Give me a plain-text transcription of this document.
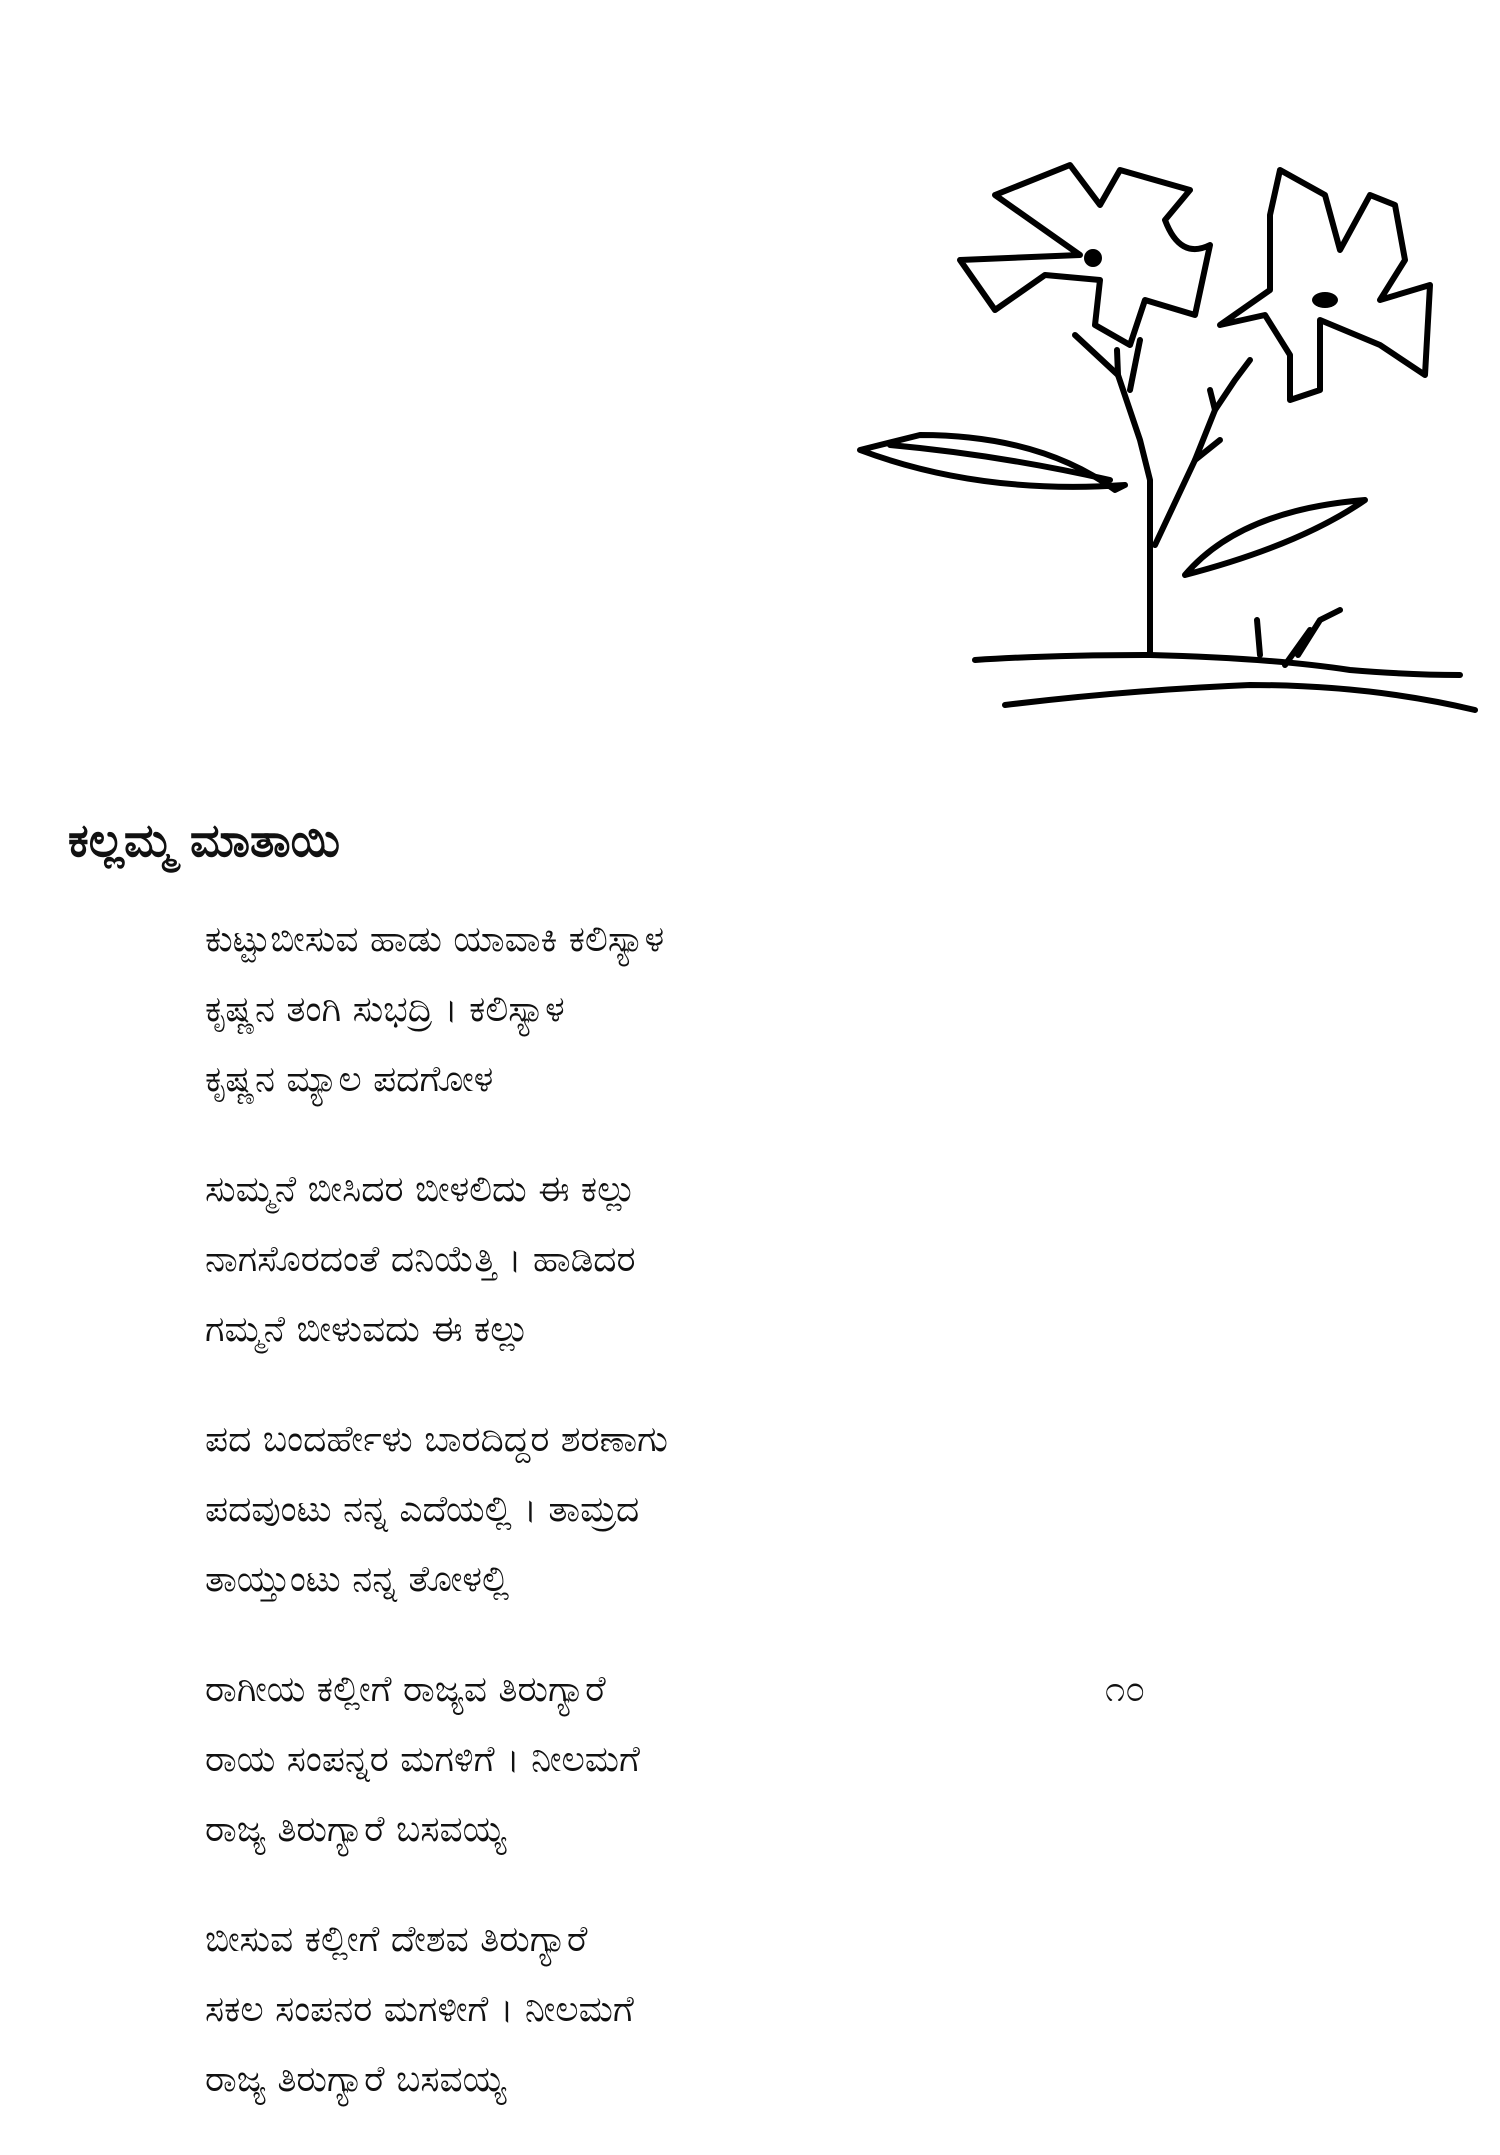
ಕಲ್ಲಮ್ಮ ಮಾತಾಯಿ
ಕುಟ್ಟುಬೀಸುವ ಹಾಡು ಯಾವಾಕಿ ಕಲಿಸ್ಯಾಳ
ಕೃಷ್ಣನ ತಂಗಿ ಸುಭದ್ರಿ । ಕಲಿಸ್ಯಾಳ
ಕೃಷ್ಣನ ಮ್ಯಾಲ ಪದಗೋಳ
ಸುಮ್ಮನೆ ಬೀಸಿದರ ಬೀಳಲಿದು ಈ ಕಲ್ಲು
ನಾಗಸೊರದಂತೆ ದನಿಯೆತ್ತಿ । ಹಾಡಿದರ
ಗಮ್ಮನೆ ಬೀಳುವದು ಈ ಕಲ್ಲು
ಪದ ಬಂದರ್ಹೇಳು ಬಾರದಿದ್ದರ ಶರಣಾಗು
ಪದವುಂಟು ನನ್ನ ಎದೆಯಲ್ಲಿ । ತಾಮ್ರದ
ತಾಯ್ತುಂಟು ನನ್ನ ತೋಳಲ್ಲಿ
ರಾಗೀಯ ಕಲ್ಲೀಗೆ ರಾಜ್ಯವ ತಿರುಗ್ಯಾರೆ
ರಾಯ ಸಂಪನ್ನರ ಮಗಳಿಗೆ । ನೀಲಮಗೆ
ರಾಜ್ಯ ತಿರುಗ್ಯಾರೆ ಬಸವಯ್ಯ
೧೦
ಬೀಸುವ ಕಲ್ಲೀಗೆ ದೇಶವ ತಿರುಗ್ಯಾರೆ
ಸಕಲ ಸಂಪನರ ಮಗಳೀಗೆ । ನೀಲಮಗೆ
ರಾಜ್ಯ ತಿರುಗ್ಯಾರೆ ಬಸವಯ್ಯ
